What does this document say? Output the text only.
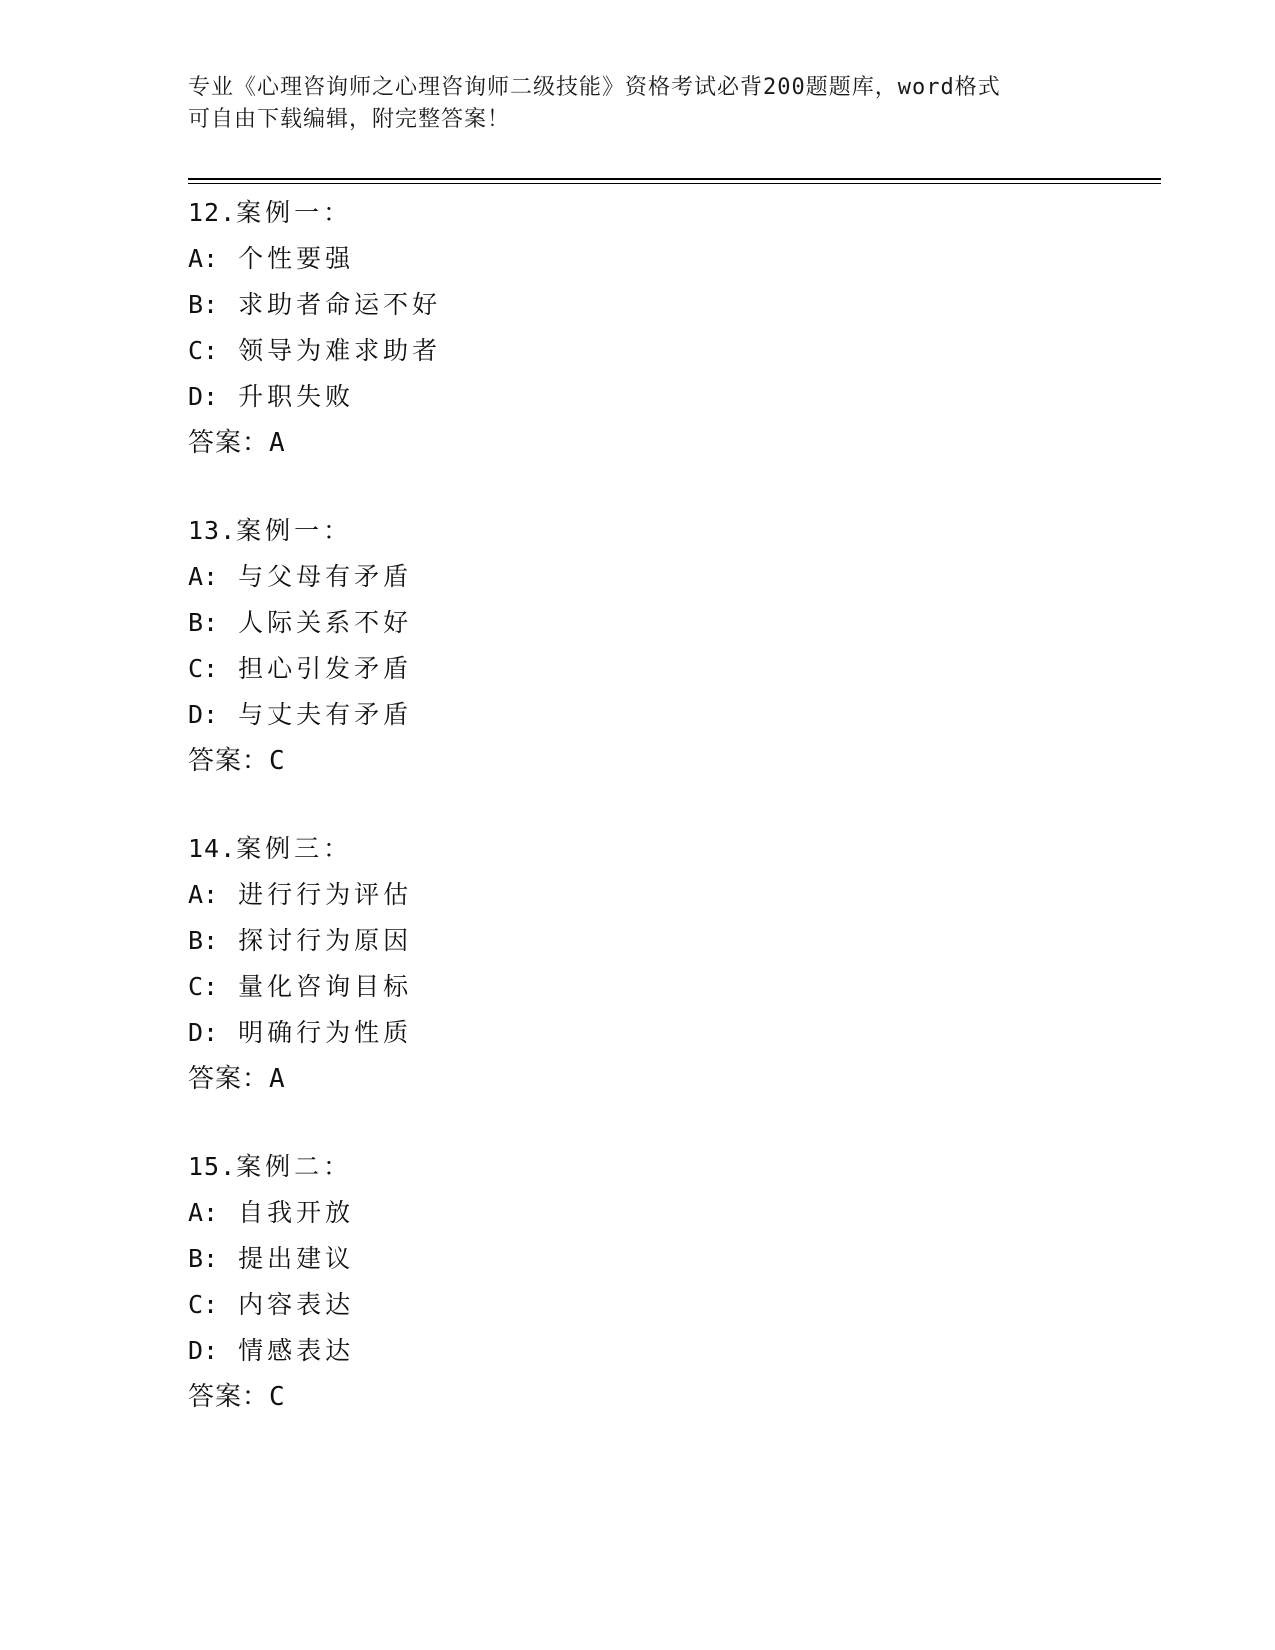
专业《心理咨询师之心理咨询师二级技能》资格考试必背200题题库，word格式
可自由下载编辑，附完整答案！
12.案例一：
A: 个性要强
B: 求助者命运不好
C: 领导为难求助者
D: 升职失败
答案：A
13.案例一：
A: 与父母有矛盾
B: 人际关系不好
C: 担心引发矛盾
D: 与丈夫有矛盾
答案：C
14.案例三：
A: 进行行为评估
B: 探讨行为原因
C: 量化咨询目标
D: 明确行为性质
答案：A
15.案例二：
A: 自我开放
B: 提出建议
C: 内容表达
D: 情感表达
答案：C
